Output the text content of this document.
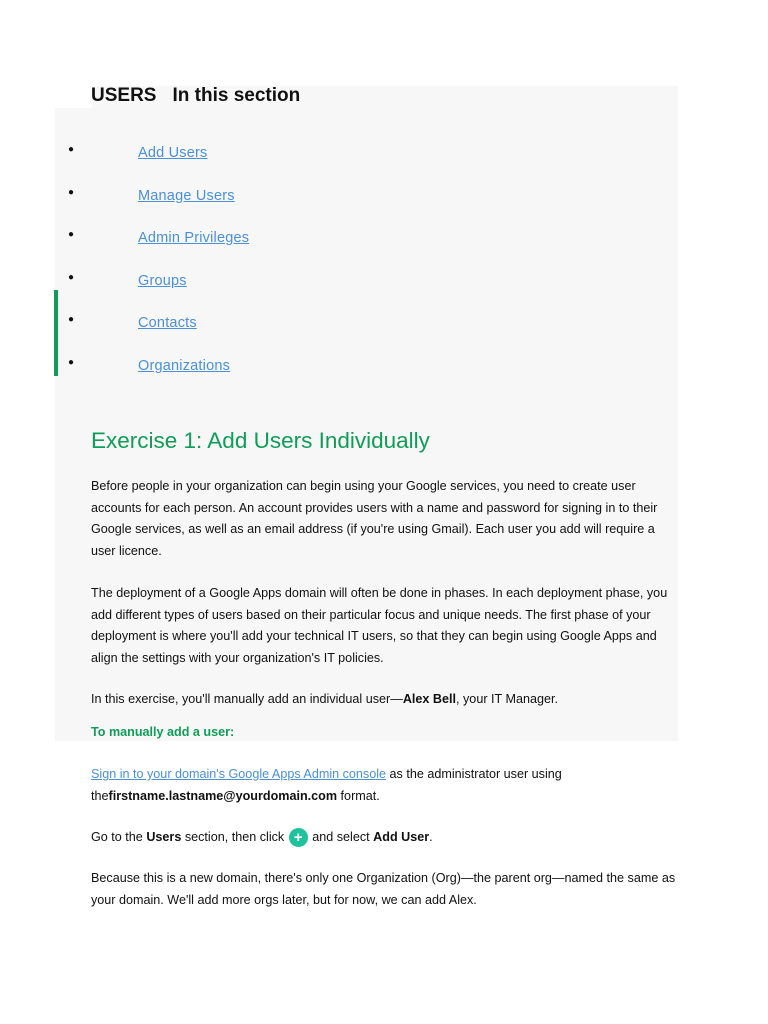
USERS In this section
●	Add Users
●	Manage Users
●	Admin Privileges
●	Groups
●	Contacts
●	Organizations
Exercise 1: Add Users Individually

Before people in your organization can begin using your Google services, you need to create user accounts for each person. An account provides users with a name and password for signing in to their Google services, as well as an email address (if you're using Gmail). Each user you add will require a user licence.

The deployment of a Google Apps domain will often be done in phases. In each deployment phase, you add different types of users based on their particular focus and unique needs. The first phase of your deployment is where you'll add your technical IT users, so that they can begin using Google Apps and align the settings with your organization's IT policies.

In this exercise, you'll manually add an individual user—Alex Bell, your IT Manager.

To manually add a user:

Sign in to your domain's Google Apps Admin console as the administrator user using thefirstname.lastname@yourdomain.com format.

Go to the Users section, then click + and select Add User.

Because this is a new domain, there's only one Organization (Org)—the parent org—named the same as your domain. We'll add more orgs later, but for now, we can add Alex.
